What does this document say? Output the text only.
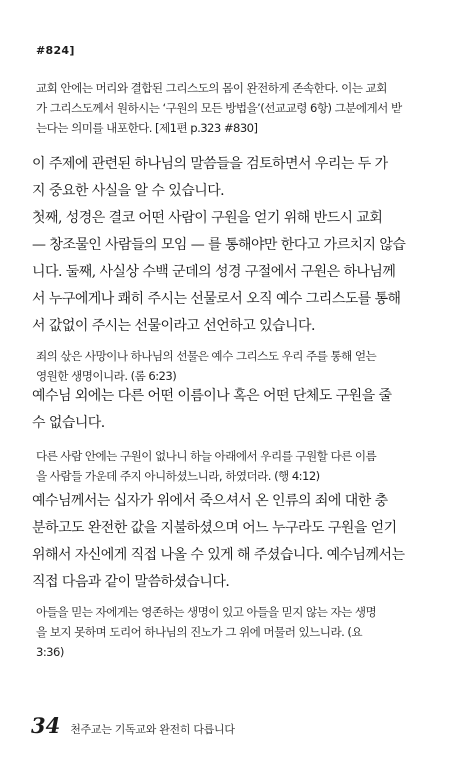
#824]
교회 안에는 머리와 결합된 그리스도의 몸이 완전하게 존속한다. 이는 교회
가 그리스도께서 원하시는 ‘구원의 모든 방법을’(선교교령 6항) 그분에게서 받
는다는 의미를 내포한다. [제1편 p.323 #830]
이 주제에 관련된 하나님의 말씀들을 검토하면서 우리는 두 가
지 중요한 사실을 알 수 있습니다.
첫째, 성경은 결코 어떤 사람이 구원을 얻기 위해 반드시 교회
— 창조물인 사람들의 모임 — 를 통해야만 한다고 가르치지 않습
니다. 둘째, 사실상 수백 군데의 성경 구절에서 구원은 하나님께
서 누구에게나 쾌히 주시는 선물로서 오직 예수 그리스도를 통해
서 값없이 주시는 선물이라고 선언하고 있습니다.
죄의 삯은 사망이나 하나님의 선물은 예수 그리스도 우리 주를 통해 얻는
영원한 생명이니라. (롬 6:23)
예수님 외에는 다른 어떤 이름이나 혹은 어떤 단체도 구원을 줄
수 없습니다.
다른 사람 안에는 구원이 없나니 하늘 아래에서 우리를 구원할 다른 이름
을 사람들 가운데 주지 아니하셨느니라, 하였더라. (행 4:12)
예수님께서는 십자가 위에서 죽으셔서 온 인류의 죄에 대한 충
분하고도 완전한 값을 지불하셨으며 어느 누구라도 구원을 얻기
위해서 자신에게 직접 나올 수 있게 해 주셨습니다. 예수님께서는
직접 다음과 같이 말씀하셨습니다.
아들을 믿는 자에게는 영존하는 생명이 있고 아들을 믿지 않는 자는 생명
을 보지 못하며 도리어 하나님의 진노가 그 위에 머물러 있느니라. (요
3:36)
34 천주교는 기독교와 완전히 다릅니다
